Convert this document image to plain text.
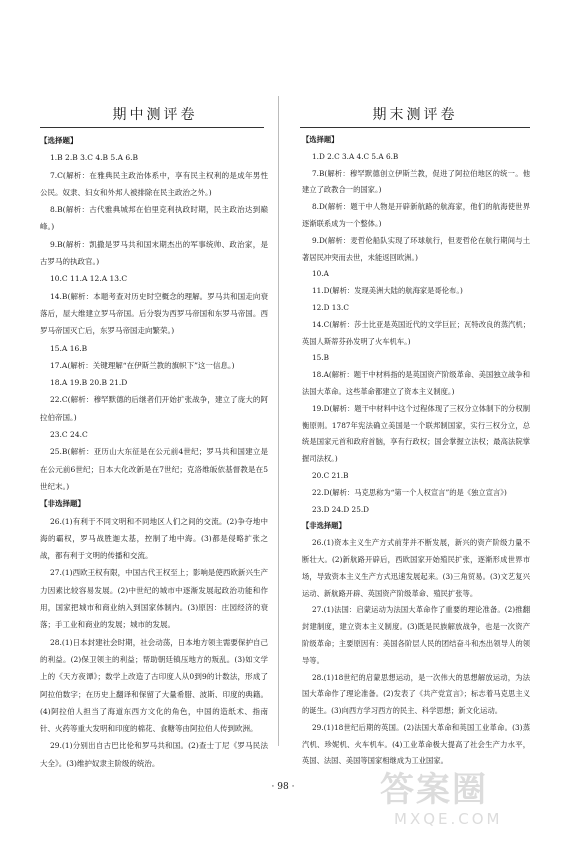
期中测评卷	期末测评卷

【选择题】

1.B 2.B 3.C 4.B 5.A 6.B

7.C(解析：在雅典民主政治体系中，享有民主权利的是成年男性公民。奴隶、妇女和外邦人被排除在民主政治之外。)

8.B(解析：古代雅典城邦在伯里克利执政时期，民主政治达到巅峰。)

9.B(解析：凯撒是罗马共和国末期杰出的军事统帅、政治家，是古罗马的执政官。)

10.C 11.A 12.A 13.C

14.B(解析：本题考查对历史时空概念的理解。罗马共和国走向衰落后，屋大维建立罗马帝国。后分裂为西罗马帝国和东罗马帝国。西罗马帝国灭亡后，东罗马帝国走向繁荣。)

15.A 16.B

17.A(解析：关键理解“在伊斯兰教的旗帜下”这一信息。)

18.A 19.B 20.B 21.D

22.C(解析：穆罕默德的后继者们开始扩张战争，建立了庞大的阿拉伯帝国。)

23.C 24.C

25.B(解析：亚历山大东征是在公元前4世纪；罗马共和国建立是在公元前6世纪；日本大化改新是在7世纪；克洛维皈依基督教是在5世纪末。)

【非选择题】

26.(1)有利于不同文明和不同地区人们之间的交流。(2)争夺地中海的霸权，罗马战胜迦太基，控制了地中海。(3)都是侵略扩张之战，都有利于文明的传播和交流。

27.(1)西欧王权有限，中国古代王权至上；影响是使西欧新兴生产力因素比较容易发展。(2)中世纪的城市中逐渐发展起政治功能和作用，国家把城市和商业纳入到国家体制内。(3)原因：庄园经济的衰落；手工业和商业的发展；城市的发展。

28.(1)日本封建社会时期，社会动荡，日本地方领主需要保护自己的利益。(2)保卫领主的利益；帮助朝廷镇压地方的叛乱。(3)如文学上的《天方夜谭》；数学上改造了古印度人从0到9的计数法，形成了阿拉伯数字；在历史上翻译和保留了大量希腊、波斯、印度的典籍。(4)阿拉伯人担当了海道东西方文化的角色，中国的造纸术、指南针、火药等重大发明和印度的棉花、食糖等由阿拉伯人传到欧洲。

29.(1)分别出自古巴比伦和罗马共和国。(2)查士丁尼《罗马民法大全》。(3)维护奴隶主阶级的统治。

【选择题】

1.D 2.C 3.A 4.C 5.A 6.B

7.B(解析：穆罕默德创立伊斯兰教，促进了阿拉伯地区的统一。他建立了政教合一的国家。)

8.D(解析：题干中人物是开辟新航路的航海家，他们的航海使世界逐渐联系成为一个整体。)

9.D(解析：麦哲伦船队实现了环球航行，但麦哲伦在航行期间与土著居民冲突而去世，未能返回欧洲。)

10.A

11.D(解析：发现美洲大陆的航海家是哥伦布。)

12.D 13.C

14.C(解析：莎士比亚是英国近代的文学巨匠；瓦特改良的蒸汽机；英国人斯蒂芬孙发明了火车机车。)

15.B

18.A(解析：题干中材料指的是英国资产阶级革命、美国独立战争和法国大革命。这些革命都建立了资本主义制度。)

19.D(解析：题干中材料中这个过程体现了三权分立体制下的分权制衡原则。1787年宪法确立美国是一个联邦制国家，实行三权分立，总统是国家元首和政府首脑，享有行政权；国会掌握立法权；最高法院掌握司法权。)

20.C 21.B

22.D(解析：马克思称为“第一个人权宣言”的是《独立宣言》)

23.D 24.D 25.D

【非选择题】

26.(1)资本主义生产方式前芽并不断发展，新兴的资产阶级力量不断壮大。(2)新航路开辟后，西欧国家开始殖民扩张，逐渐形成世界市场，导致资本主义生产方式迅速发展起来。(3)三角贸易。(3)文艺复兴运动、新航路开辟、英国资产阶级革命、殖民扩张等。

27.(1)法国：启蒙运动为法国大革命作了重要的理论准备。(2)推翻封建制度，建立资本主义制度。(3)既是民族解放战争，也是一次资产阶级革命；主要原因有：美国各阶层人民的团结奋斗和杰出领导人的领导等。

28.(1)18世纪的启蒙思想运动，是一次伟大的思想解放运动，为法国大革命作了理论准备。(2)发表了《共产党宣言》；标志着马克思主义的诞生。(3)向西方学习西方的民主、科学思想；新文化运动。

29.(1)18世纪后期的英国。(2)法国大革命和英国工业革命。(3)蒸汽机、珍妮机、火车机车。(4)工业革命极大提高了社会生产力水平，英国、法国、美国等国家相继成为工业国家。

· 98 ·	答案圈
MXQE.COM
